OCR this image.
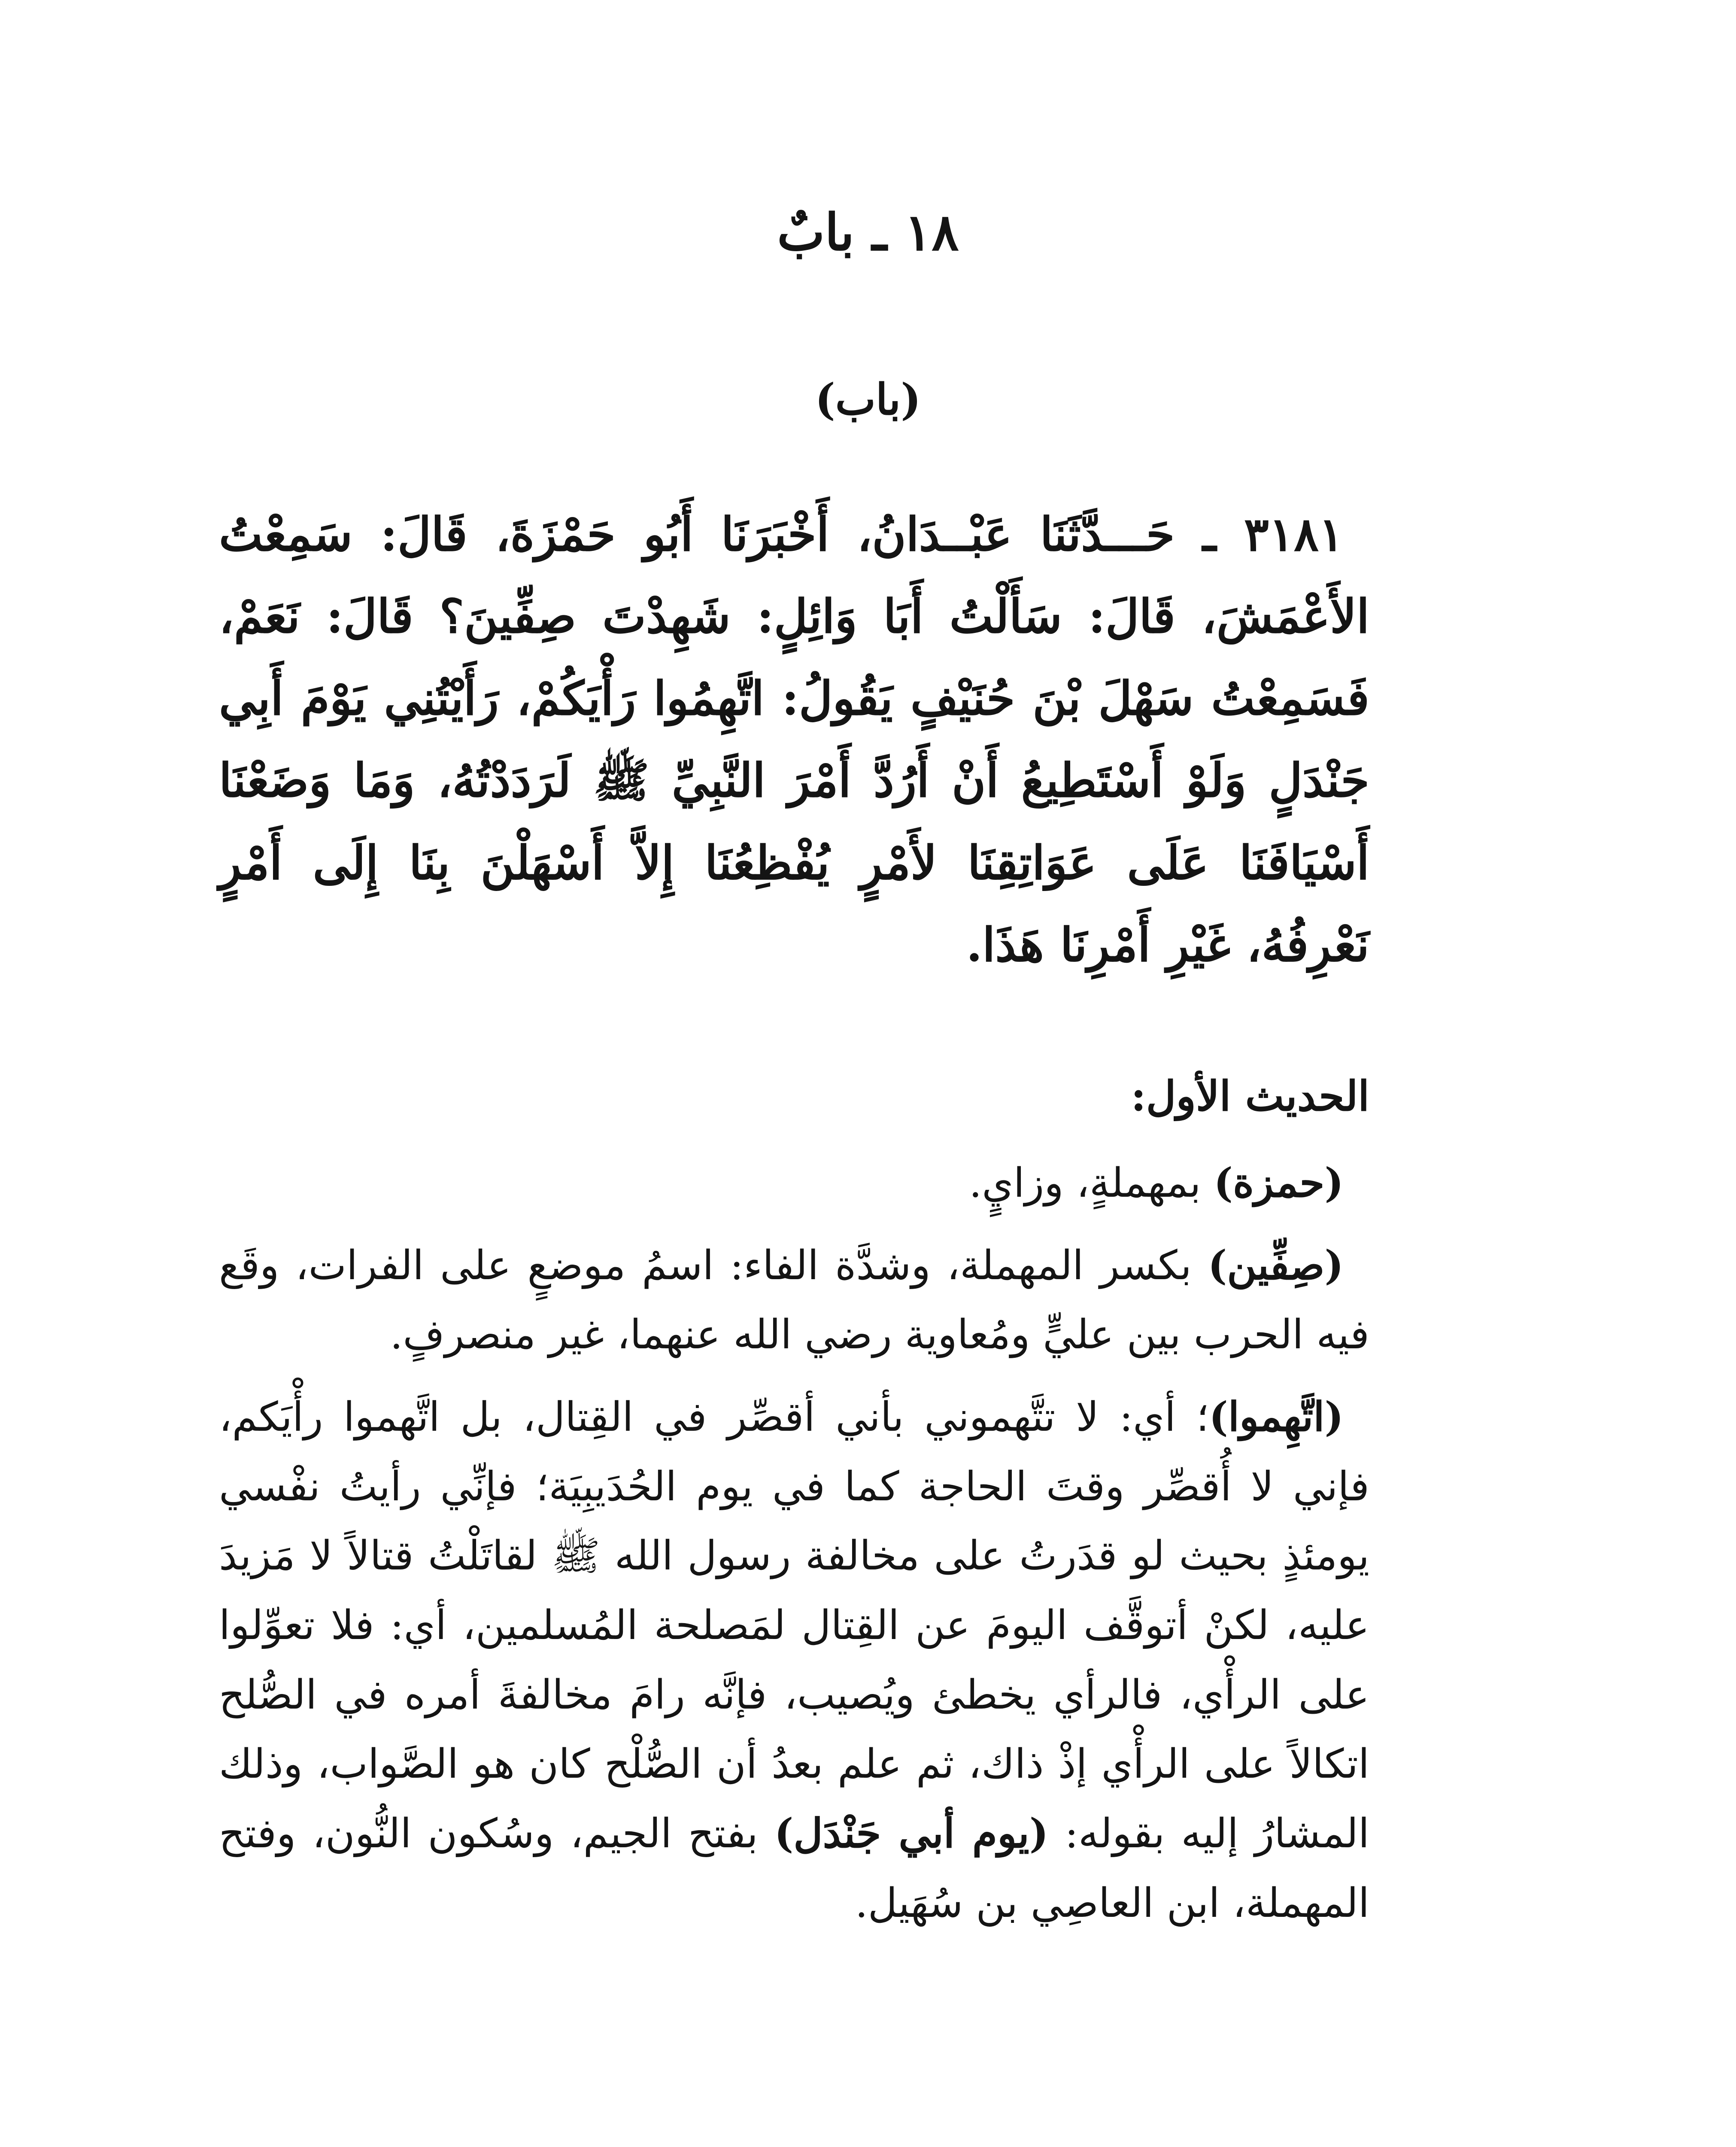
١٨ ـ بابٌ
(باب)

٣١٨١ ـ حَـــدَّثَنَا عَبْــدَانُ، أَخْبَرَنَا أَبُو حَمْزَةَ، قَالَ: سَمِعْتُ الأَعْمَشَ، قَالَ: سَأَلْتُ أَبَا وَائِلٍ: شَهِدْتَ صِفِّينَ؟ قَالَ: نَعَمْ، فَسَمِعْتُ سَهْلَ بْنَ حُنَيْفٍ يَقُولُ: اتَّهِمُوا رَأْيَكُمْ، رَأَيْتُنِي يَوْمَ أَبِي جَنْدَلٍ وَلَوْ أَسْتَطِيعُ أَنْ أَرُدَّ أَمْرَ النَّبِيِّ ﷺ لَرَدَدْتُهُ، وَمَا وَضَعْنَا أَسْيَافَنَا عَلَى عَوَاتِقِنَا لأَمْرٍ يُفْظِعُنَا إِلاَّ أَسْهَلْنَ بِنَا إِلَى أَمْرٍ نَعْرِفُهُ، غَيْرِ أَمْرِنَا هَذَا.

الحديث الأول:

(حمزة) بمهملةٍ، وزايٍ.

(صِفِّين) بكسر المهملة، وشدَّة الفاء: اسمُ موضعٍ على الفرات، وقَع فيه الحرب بين عليٍّ ومُعاوية رضي الله عنهما، غير منصرفٍ.

(اتَّهِموا)؛ أي: لا تتَّهموني بأني أقصِّر في القِتال، بل اتَّهموا رأْيَكم، فإني لا أُقصِّر وقتَ الحاجة كما في يوم الحُدَيبِيَة؛ فإنِّي رأيتُ نفْسي يومئذٍ بحيث لو قدَرتُ على مخالفة رسول الله ﷺ لقاتَلْتُ قتالاً لا مَزيدَ عليه، لكنْ أتوقَّف اليومَ عن القِتال لمَصلحة المُسلمين، أي: فلا تعوِّلوا على الرأْي، فالرأي يخطئ ويُصيب، فإنَّه رامَ مخالفةَ أمره في الصُّلح اتكالاً على الرأْي إذْ ذاك، ثم علم بعدُ أن الصُّلْح كان هو الصَّواب، وذلك المشارُ إليه بقوله: (يوم أبي جَنْدَل) بفتح الجيم، وسُكون النُّون، وفتح المهملة، ابن العاصِي بن سُهَيل.
